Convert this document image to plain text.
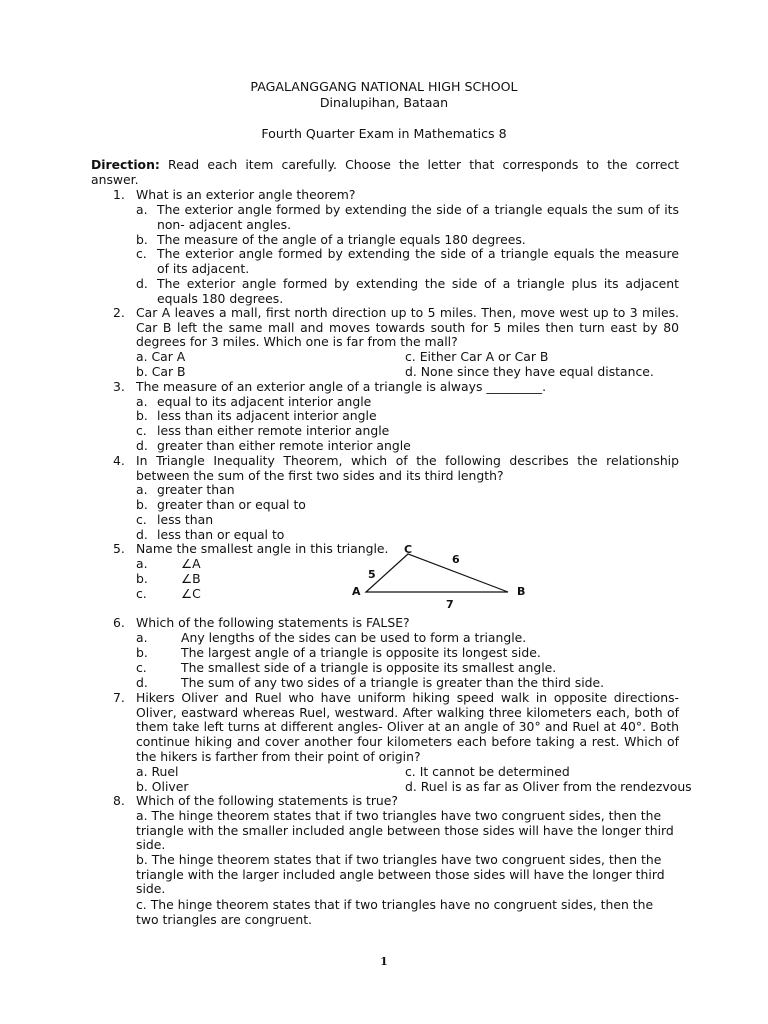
PAGALANGGANG NATIONAL HIGH SCHOOL
Dinalupihan, Bataan
Fourth Quarter Exam in Mathematics 8
Direction: Read each item carefully. Choose the letter that corresponds to the correct answer.
1. What is an exterior angle theorem?
a. The exterior angle formed by extending the side of a triangle equals the sum of its non- adjacent angles.
b. The measure of the angle of a triangle equals 180 degrees.
c. The exterior angle formed by extending the side of a triangle equals the measure of its adjacent.
d. The exterior angle formed by extending the side of a triangle plus its adjacent equals 180 degrees.
2. Car A leaves a mall, first north direction up to 5 miles. Then, move west up to 3 miles. Car B left the same mall and moves towards south for 5 miles then turn east by 80 degrees for 3 miles. Which one is far from the mall?
a. Car A	c. Either Car A or Car B
b. Car B	d. None since they have equal distance.
3. The measure of an exterior angle of a triangle is always _________.
a. equal to its adjacent interior angle
b. less than its adjacent interior angle
c. less than either remote interior angle
d. greater than either remote interior angle
4. In Triangle Inequality Theorem, which of the following describes the relationship between the sum of the first two sides and its third length?
a. greater than
b. greater than or equal to
c. less than
d. less than or equal to
5. Name the smallest angle in this triangle.
a.	∠A
b.	∠B
c.	∠C
C
A	B
5
6
7
6. Which of the following statements is FALSE?
a.	Any lengths of the sides can be used to form a triangle.
b.	The largest angle of a triangle is opposite its longest side.
c.	The smallest side of a triangle is opposite its smallest angle.
d.	The sum of any two sides of a triangle is greater than the third side.
7. Hikers Oliver and Ruel who have uniform hiking speed walk in opposite directions- Oliver, eastward whereas Ruel, westward. After walking three kilometers each, both of them take left turns at different angles- Oliver at an angle of 30° and Ruel at 40°. Both continue hiking and cover another four kilometers each before taking a rest. Which of the hikers is farther from their point of origin?
a. Ruel	c. It cannot be determined
b. Oliver	d. Ruel is as far as Oliver from the rendezvous
8. Which of the following statements is true?
a. The hinge theorem states that if two triangles have two congruent sides, then the triangle with the smaller included angle between those sides will have the longer third side.
b. The hinge theorem states that if two triangles have two congruent sides, then the triangle with the larger included angle between those sides will have the longer third side.
c. The hinge theorem states that if two triangles have no congruent sides, then the two triangles are congruent.
1
